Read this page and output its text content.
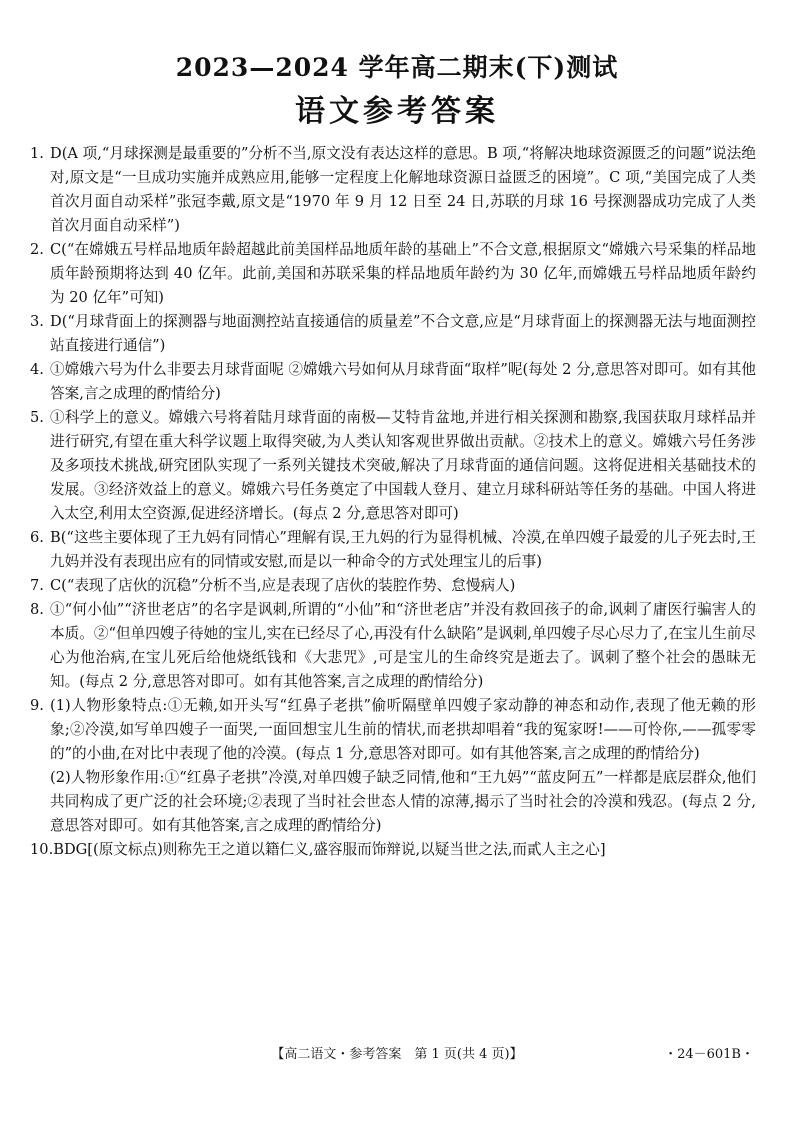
2023—2024 学年高二期末(下)测试
语文参考答案
1. D(A 项,“月球探测是最重要的”分析不当,原文没有表达这样的意思。B 项,“将解决地球资源匮乏的问题”说法绝对,原文是“一旦成功实施并成熟应用,能够一定程度上化解地球资源日益匮乏的困境”。C 项,“美国完成了人类首次月面自动采样”张冠李戴,原文是“1970 年 9 月 12 日至 24 日,苏联的月球 16 号探测器成功完成了人类首次月面自动采样”)
2. C(“在嫦娥五号样品地质年龄超越此前美国样品地质年龄的基础上”不合文意,根据原文“嫦娥六号采集的样品地质年龄预期将达到 40 亿年。此前,美国和苏联采集的样品地质年龄约为 30 亿年,而嫦娥五号样品地质年龄约为 20 亿年”可知)
3. D(“月球背面上的探测器与地面测控站直接通信的质量差”不合文意,应是“月球背面上的探测器无法与地面测控站直接进行通信”)
4. ①嫦娥六号为什么非要去月球背面呢 ②嫦娥六号如何从月球背面“取样”呢(每处 2 分,意思答对即可。如有其他答案,言之成理的酌情给分)
5. ①科学上的意义。嫦娥六号将着陆月球背面的南极—艾特肯盆地,并进行相关探测和勘察,我国获取月球样品并进行研究,有望在重大科学议题上取得突破,为人类认知客观世界做出贡献。②技术上的意义。嫦娥六号任务涉及多项技术挑战,研究团队实现了一系列关键技术突破,解决了月球背面的通信问题。这将促进相关基础技术的发展。③经济效益上的意义。嫦娥六号任务奠定了中国载人登月、建立月球科研站等任务的基础。中国人将进入太空,利用太空资源,促进经济增长。(每点 2 分,意思答对即可)
6. B(“这些主要体现了王九妈有同情心”理解有误,王九妈的行为显得机械、冷漠,在单四嫂子最爱的儿子死去时,王九妈并没有表现出应有的同情或安慰,而是以一种命令的方式处理宝儿的后事)
7. C(“表现了店伙的沉稳”分析不当,应是表现了店伙的装腔作势、怠慢病人)
8. ①“何小仙”“济世老店”的名字是讽刺,所谓的“小仙”和“济世老店”并没有救回孩子的命,讽刺了庸医行骗害人的本质。②“但单四嫂子待她的宝儿,实在已经尽了心,再没有什么缺陷”是讽刺,单四嫂子尽心尽力了,在宝儿生前尽心为他治病,在宝儿死后给他烧纸钱和《大悲咒》,可是宝儿的生命终究是逝去了。讽刺了整个社会的愚昧无知。(每点 2 分,意思答对即可。如有其他答案,言之成理的酌情给分)
9. (1)人物形象特点:①无赖,如开头写“红鼻子老拱”偷听隔壁单四嫂子家动静的神态和动作,表现了他无赖的形象;②冷漠,如写单四嫂子一面哭,一面回想宝儿生前的情状,而老拱却唱着“我的冤家呀!——可怜你,——孤零零的”的小曲,在对比中表现了他的冷漠。(每点 1 分,意思答对即可。如有其他答案,言之成理的酌情给分)
(2)人物形象作用:①“红鼻子老拱”冷漠,对单四嫂子缺乏同情,他和“王九妈”“蓝皮阿五”一样都是底层群众,他们共同构成了更广泛的社会环境;②表现了当时社会世态人情的凉薄,揭示了当时社会的冷漠和残忍。(每点 2 分,意思答对即可。如有其他答案,言之成理的酌情给分)
10.BDG[(原文标点)则称先王之道以籍仁义,盛容服而饰辩说,以疑当世之法,而貳人主之心]
【高二语文・参考答案　第 1 页(共 4 页)】	・24－601B・
